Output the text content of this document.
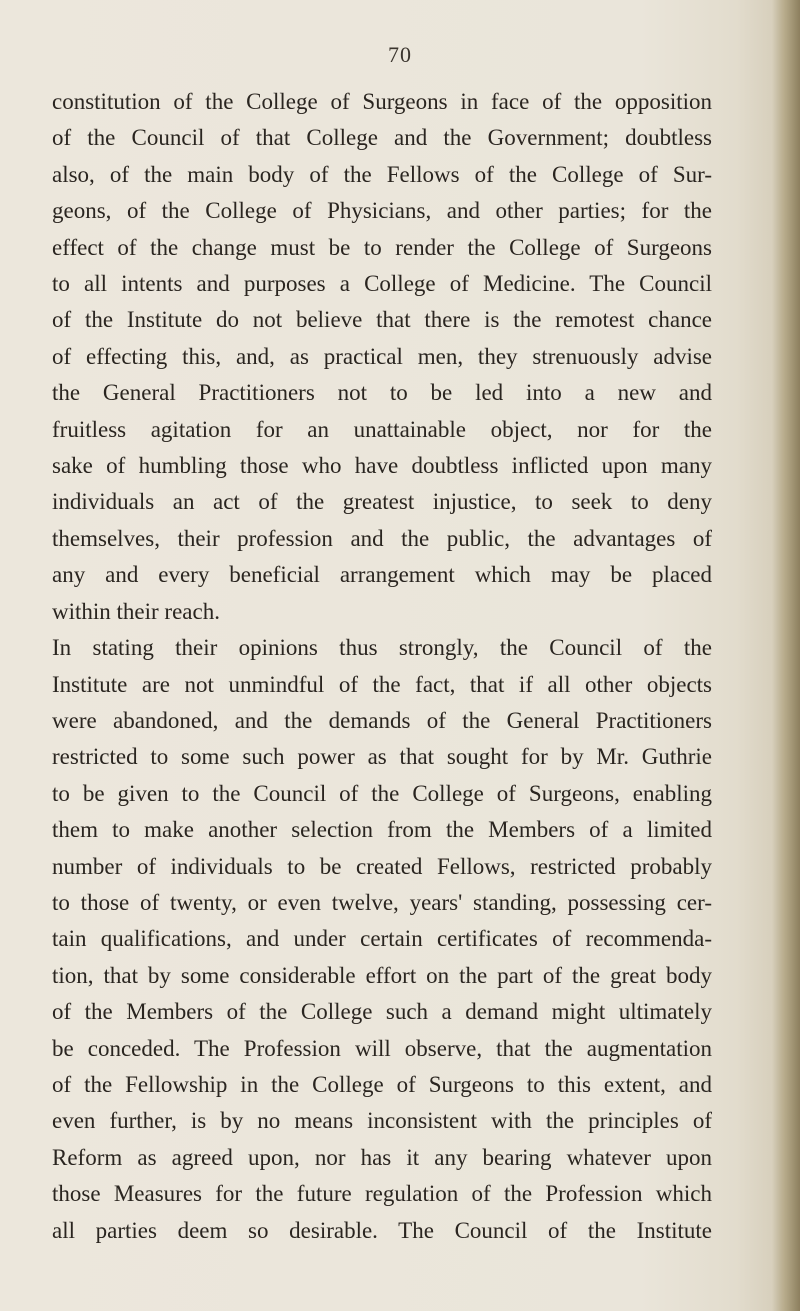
70
constitution of the College of Surgeons in face of the opposition
of the Council of that College and the Government; doubtless
also, of the main body of the Fellows of the College of Sur-
geons, of the College of Physicians, and other parties; for the
effect of the change must be to render the College of Surgeons
to all intents and purposes a College of Medicine. The Council
of the Institute do not believe that there is the remotest chance
of effecting this, and, as practical men, they strenuously advise
the General Practitioners not to be led into a new and
fruitless agitation for an unattainable object, nor for the
sake of humbling those who have doubtless inflicted upon many
individuals an act of the greatest injustice, to seek to deny
themselves, their profession and the public, the advantages of
any and every beneficial arrangement which may be placed
within their reach.
In stating their opinions thus strongly, the Council of the
Institute are not unmindful of the fact, that if all other objects
were abandoned, and the demands of the General Practitioners
restricted to some such power as that sought for by Mr. Guthrie
to be given to the Council of the College of Surgeons, enabling
them to make another selection from the Members of a limited
number of individuals to be created Fellows, restricted probably
to those of twenty, or even twelve, years' standing, possessing cer-
tain qualifications, and under certain certificates of recommenda-
tion, that by some considerable effort on the part of the great body
of the Members of the College such a demand might ultimately
be conceded. The Profession will observe, that the augmentation
of the Fellowship in the College of Surgeons to this extent, and
even further, is by no means inconsistent with the principles of
Reform as agreed upon, nor has it any bearing whatever upon
those Measures for the future regulation of the Profession which
all parties deem so desirable. The Council of the Institute
